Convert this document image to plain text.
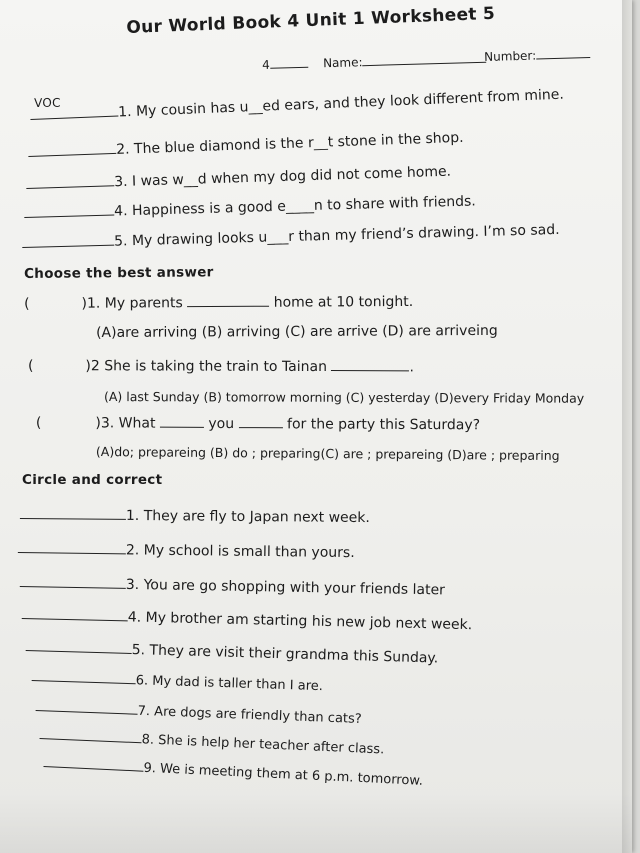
Our World Book 4 Unit 1 Worksheet 5
4	Name:	Number:
VOC	1. My cousin has u__ed ears, and they look different from mine.
2. The blue diamond is the r__t stone in the shop.
3. I was w__d when my dog did not come home.
4. Happiness is a good e____n to share with friends.
5. My drawing looks u___r than my friend’s drawing. I’m so sad.
Choose the best answer
(	)1. My parents	home at 10 tonight.
(A)are arriving (B) arriving (C) are arrive (D) are arriveing
(	)2 She is taking the train to Tainan	.
(A) last Sunday (B) tomorrow morning (C) yesterday (D)every Friday Monday
(	)3. What	you	for the party this Saturday?
(A)do; prepareing (B) do ; preparing(C) are ; prepareing (D)are ; preparing
Circle and correct
1. They are fly to Japan next week.
2. My school is small than yours.
3. You are go shopping with your friends later
4. My brother am starting his new job next week.
5. They are visit their grandma this Sunday.
6. My dad is taller than I are.
7. Are dogs are friendly than cats?
8. She is help her teacher after class.
9. We is meeting them at 6 p.m. tomorrow.
